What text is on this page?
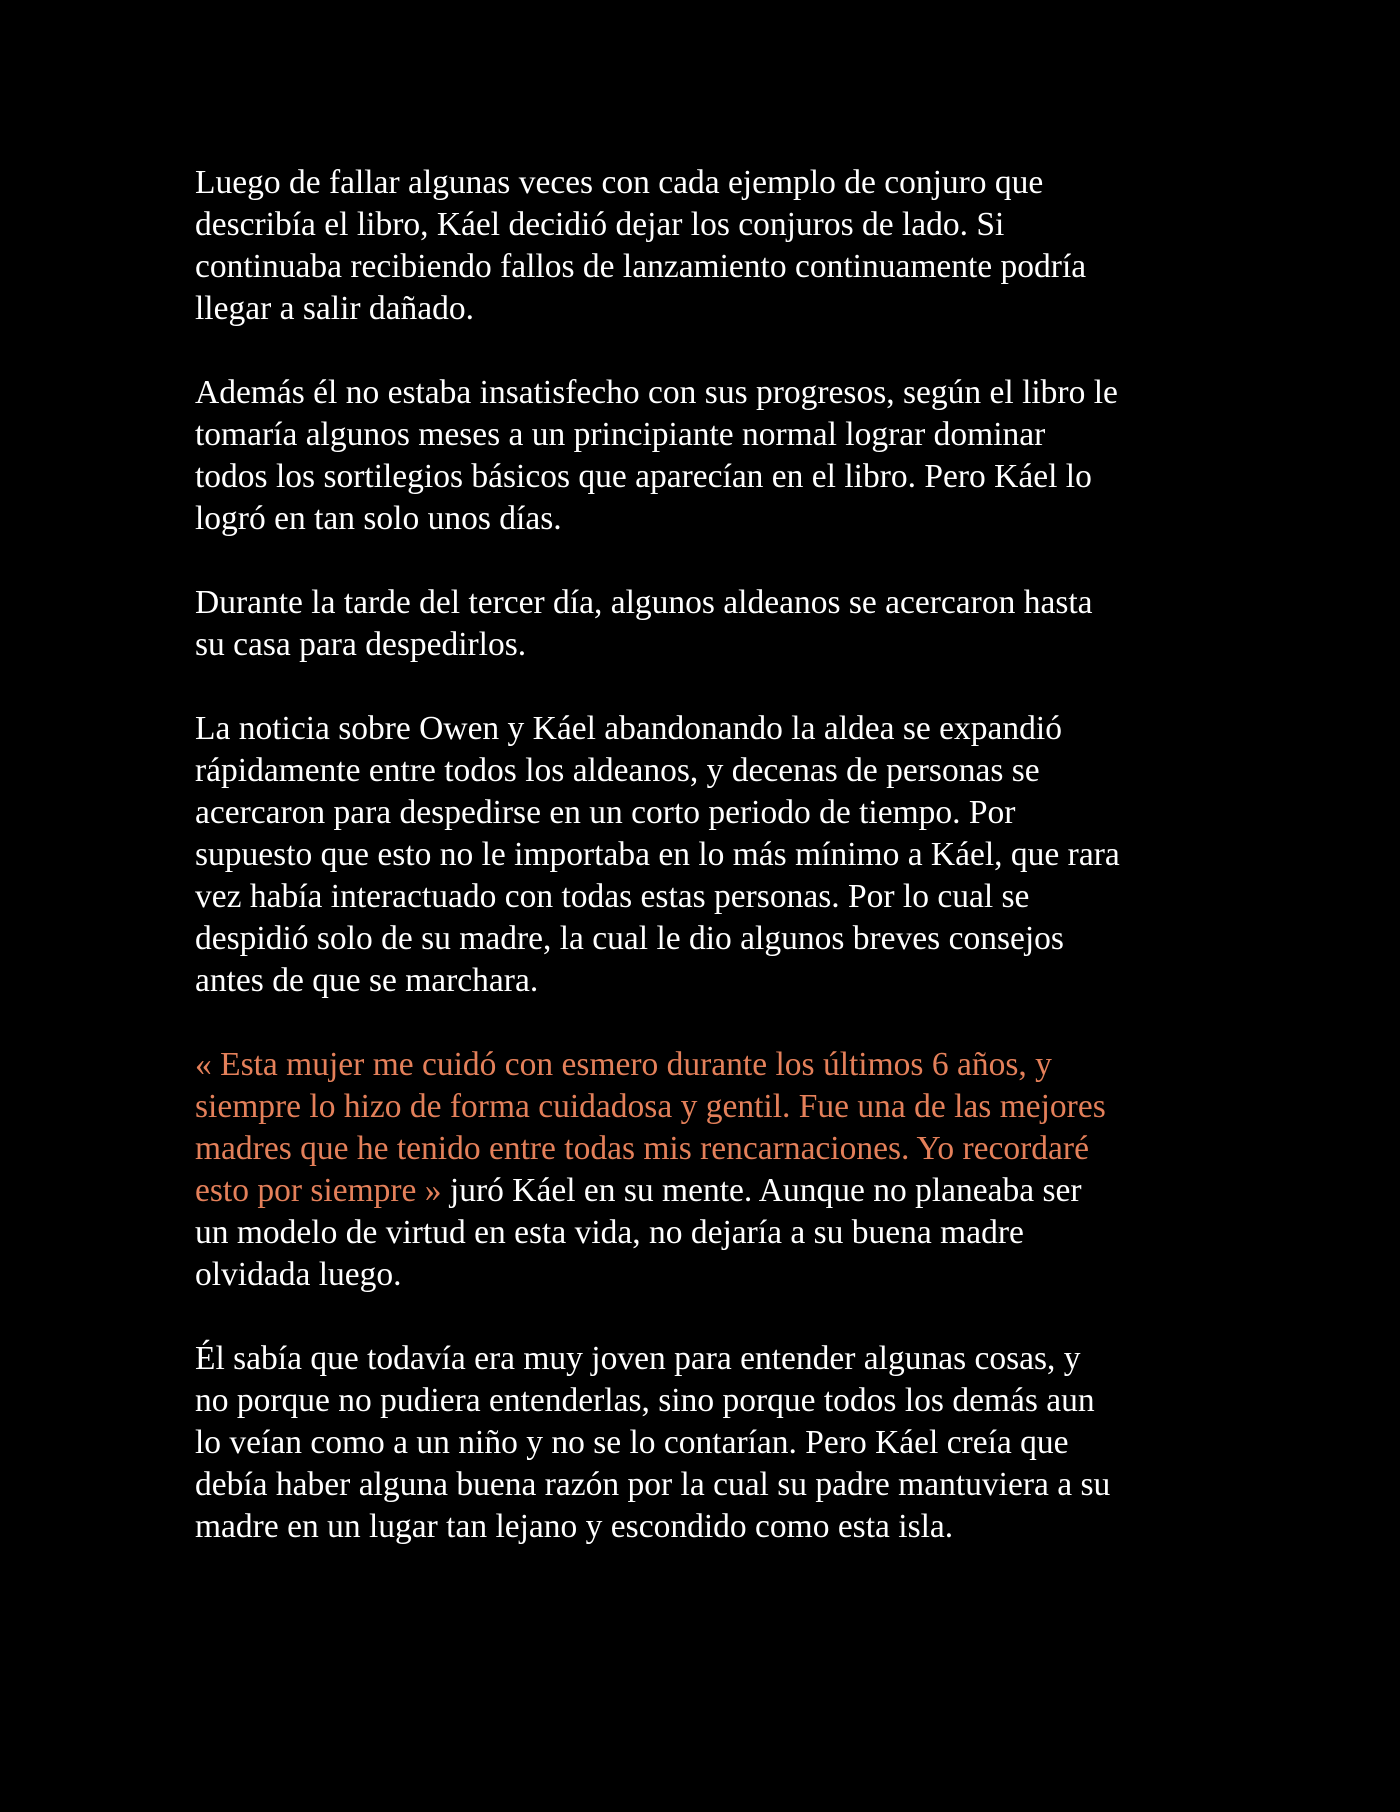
Luego de fallar algunas veces con cada ejemplo de conjuro que
describía el libro, Káel decidió dejar los conjuros de lado. Si
continuaba recibiendo fallos de lanzamiento continuamente podría
llegar a salir dañado.

Además él no estaba insatisfecho con sus progresos, según el libro le
tomaría algunos meses a un principiante normal lograr dominar
todos los sortilegios básicos que aparecían en el libro. Pero Káel lo
logró en tan solo unos días.

Durante la tarde del tercer día, algunos aldeanos se acercaron hasta
su casa para despedirlos.

La noticia sobre Owen y Káel abandonando la aldea se expandió
rápidamente entre todos los aldeanos, y decenas de personas se
acercaron para despedirse en un corto periodo de tiempo. Por
supuesto que esto no le importaba en lo más mínimo a Káel, que rara
vez había interactuado con todas estas personas. Por lo cual se
despidió solo de su madre, la cual le dio algunos breves consejos
antes de que se marchara.

« Esta mujer me cuidó con esmero durante los últimos 6 años, y
siempre lo hizo de forma cuidadosa y gentil. Fue una de las mejores
madres que he tenido entre todas mis rencarnaciones. Yo recordaré
esto por siempre » juró Káel en su mente. Aunque no planeaba ser
un modelo de virtud en esta vida, no dejaría a su buena madre
olvidada luego.

Él sabía que todavía era muy joven para entender algunas cosas, y
no porque no pudiera entenderlas, sino porque todos los demás aun
lo veían como a un niño y no se lo contarían. Pero Káel creía que
debía haber alguna buena razón por la cual su padre mantuviera a su
madre en un lugar tan lejano y escondido como esta isla.
